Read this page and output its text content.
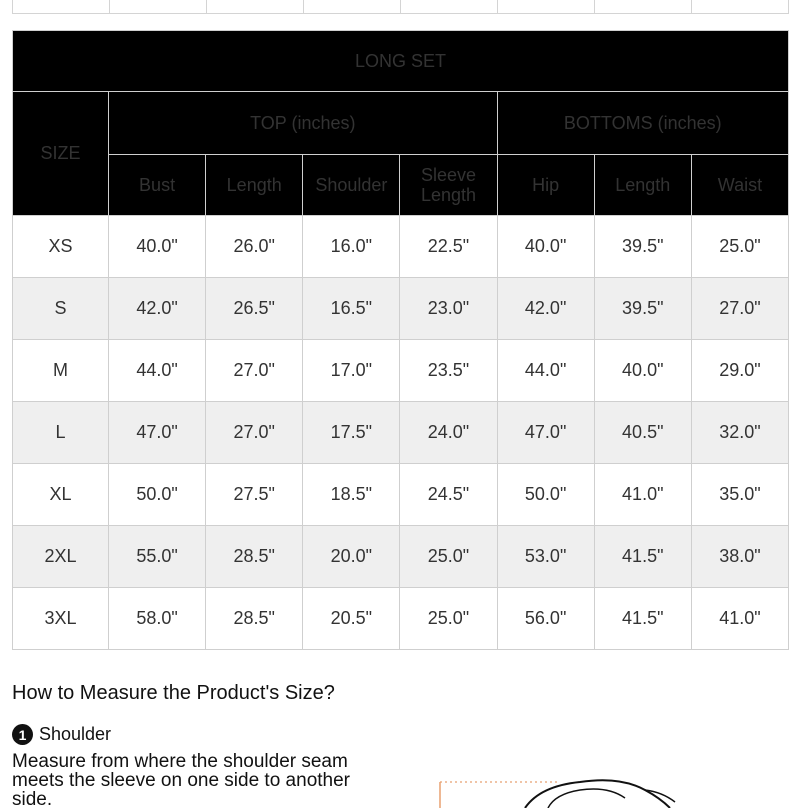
LONG SET							
SIZE	TOP (inches)				BOTTOMS (inches)		
	Bust	Length	Shoulder	Sleeve Length	Hip	Length	Waist
XS	40.0"	26.0"	16.0"	22.5"	40.0"	39.5"	25.0"
S	42.0"	26.5"	16.5"	23.0"	42.0"	39.5"	27.0"
M	44.0"	27.0"	17.0"	23.5"	44.0"	40.0"	29.0"
L	47.0"	27.0"	17.5"	24.0"	47.0"	40.5"	32.0"
XL	50.0"	27.5"	18.5"	24.5"	50.0"	41.0"	35.0"
2XL	55.0"	28.5"	20.0"	25.0"	53.0"	41.5"	38.0"
3XL	58.0"	28.5"	20.5"	25.0"	56.0"	41.5"	41.0"
How to Measure the Product's Size?
1 Shoulder

Measure from where the shoulder seam meets the sleeve on one side to another side.
